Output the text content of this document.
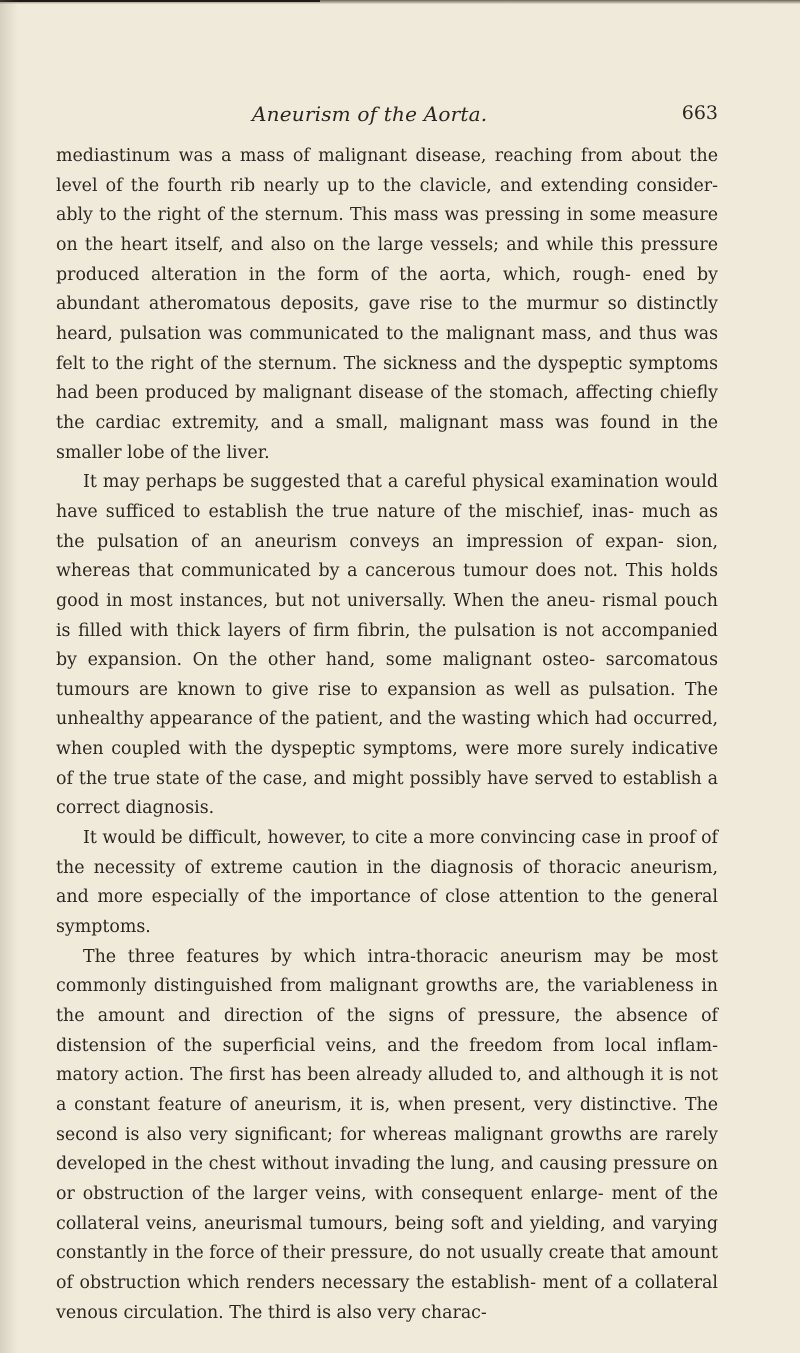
Aneurism of the Aorta.	663

mediastinum was a mass of malignant disease, reaching from about the level of the fourth rib nearly up to the clavicle, and extending consider- ably to the right of the sternum. This mass was pressing in some measure on the heart itself, and also on the large vessels; and while this pressure produced alteration in the form of the aorta, which, rough- ened by abundant atheromatous deposits, gave rise to the murmur so distinctly heard, pulsation was communicated to the malignant mass, and thus was felt to the right of the sternum. The sickness and the dyspeptic symptoms had been produced by malignant disease of the stomach, affecting chiefly the cardiac extremity, and a small, malignant mass was found in the smaller lobe of the liver.

It may perhaps be suggested that a careful physical examination would have sufficed to establish the true nature of the mischief, inas- much as the pulsation of an aneurism conveys an impression of expan- sion, whereas that communicated by a cancerous tumour does not. This holds good in most instances, but not universally. When the aneu- rismal pouch is filled with thick layers of firm fibrin, the pulsation is not accompanied by expansion. On the other hand, some malignant osteo- sarcomatous tumours are known to give rise to expansion as well as pulsation. The unhealthy appearance of the patient, and the wasting which had occurred, when coupled with the dyspeptic symptoms, were more surely indicative of the true state of the case, and might possibly have served to establish a correct diagnosis.

It would be difficult, however, to cite a more convincing case in proof of the necessity of extreme caution in the diagnosis of thoracic aneurism, and more especially of the importance of close attention to the general symptoms.

The three features by which intra-thoracic aneurism may be most commonly distinguished from malignant growths are, the variableness in the amount and direction of the signs of pressure, the absence of distension of the superficial veins, and the freedom from local inflam- matory action. The first has been already alluded to, and although it is not a constant feature of aneurism, it is, when present, very distinctive. The second is also very significant; for whereas malignant growths are rarely developed in the chest without invading the lung, and causing pressure on or obstruction of the larger veins, with consequent enlarge- ment of the collateral veins, aneurismal tumours, being soft and yielding, and varying constantly in the force of their pressure, do not usually create that amount of obstruction which renders necessary the establish- ment of a collateral venous circulation. The third is also very charac-
